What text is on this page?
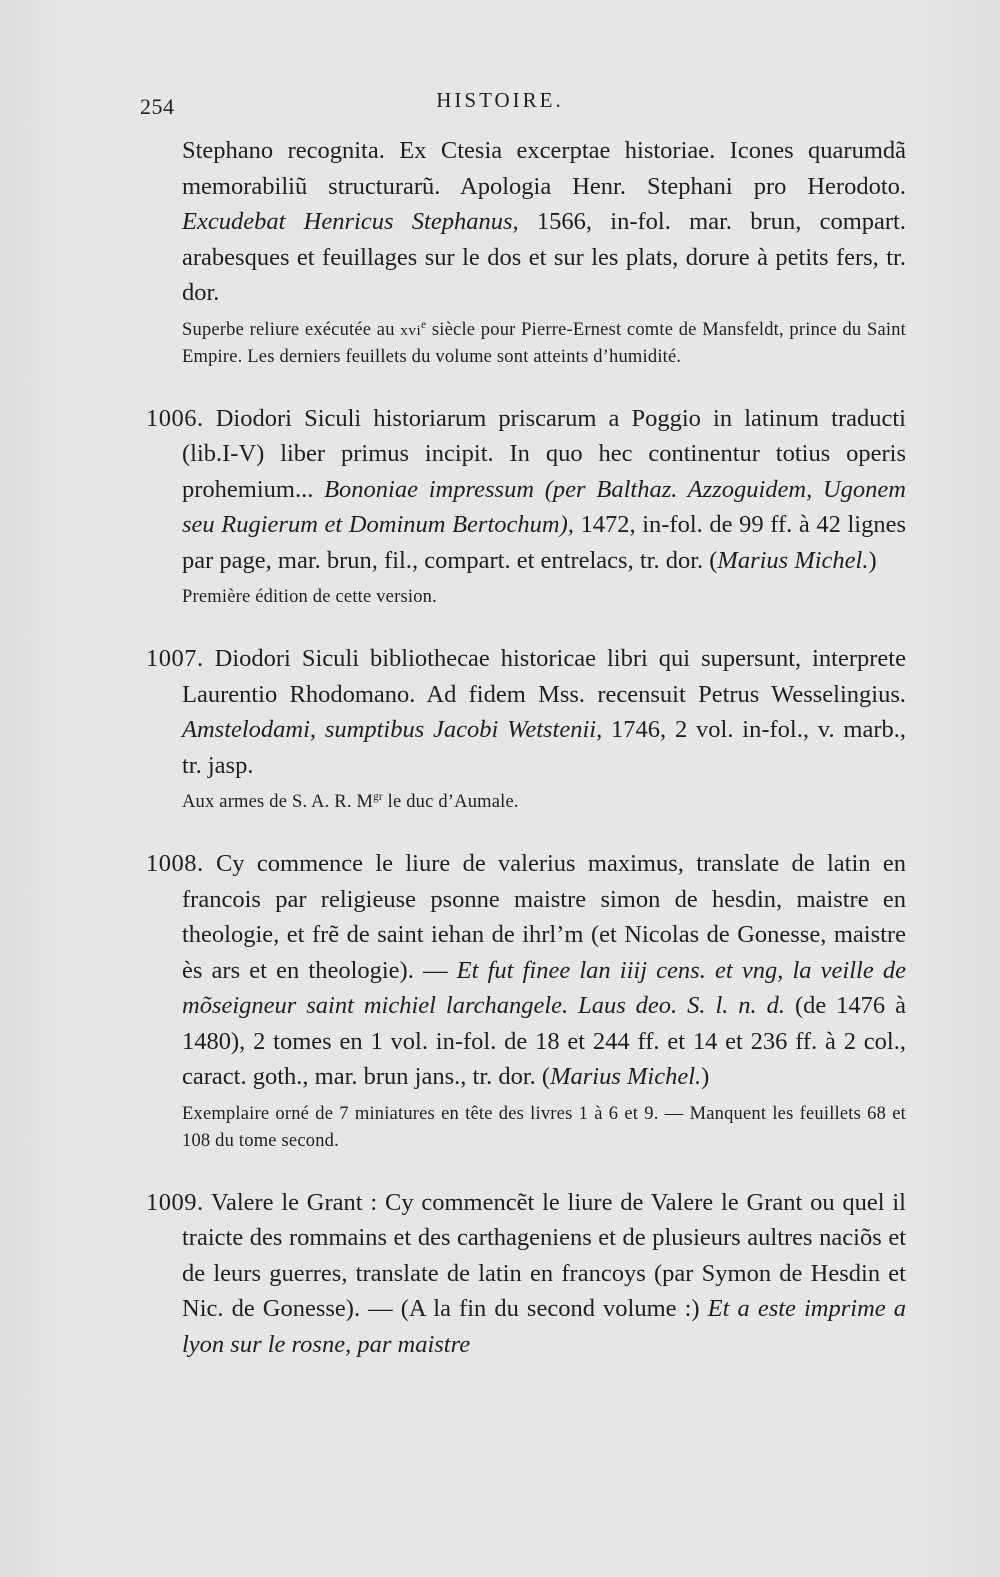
254	HISTOIRE.

Stephano recognita. Ex Ctesia excerptae historiae. Icones quarumdã memorabiliũ structurarũ. Apologia Henr. Stephani pro Herodoto. Excudebat Henricus Stephanus, 1566, in-fol. mar. brun, compart. arabesques et feuillages sur le dos et sur les plats, dorure à petits fers, tr. dor.

Superbe reliure exécutée au xvi$^e$ siècle pour Pierre-Ernest comte de Mansfeldt, prince du Saint Empire. Les derniers feuillets du volume sont atteints d’humidité.

1006. Diodori Siculi historiarum priscarum a Poggio in latinum traducti (lib.I-V) liber primus incipit. In quo hec continentur totius operis prohemium... Bononiae impressum (per Balthaz. Azzoguidem, Ugonem seu Rugierum et Dominum Bertochum), 1472, in-fol. de 99 ff. à 42 lignes par page, mar. brun, fil., compart. et entrelacs, tr. dor. (Marius Michel.)

Première édition de cette version.

1007. Diodori Siculi bibliothecae historicae libri qui supersunt, interprete Laurentio Rhodomano. Ad fidem Mss. recensuit Petrus Wesselingius. Amstelodami, sumptibus Jacobi Wetstenii, 1746, 2 vol. in-fol., v. marb., tr. jasp.

Aux armes de S. A. R. $M^{gr}$ le duc d’Aumale.

1008. Cy commence le liure de valerius maximus, translate de latin en francois par religieuse psonne maistre simon de hesdin, maistre en theologie, et frẽ de saint iehan de ihrl’m (et Nicolas de Gonesse, maistre ès ars et en theologie). — Et fut finee lan iiij cens. et vng, la veille de mõseigneur saint michiel larchangele. Laus deo. S. l. n. d. (de 1476 à 1480), 2 tomes en 1 vol. in-fol. de 18 et 244 ff. et 14 et 236 ff. à 2 col., caract. goth., mar. brun jans., tr. dor. (Marius Michel.)

Exemplaire orné de 7 miniatures en tête des livres 1 à 6 et 9. — Manquent les feuillets 68 et 108 du tome second.

1009. Valere le Grant : Cy commencẽt le liure de Valere le Grant ou quel il traicte des rommains et des carthageniens et de plusieurs aultres naciõs et de leurs guerres, translate de latin en francoys (par Symon de Hesdin et Nic. de Gonesse). — (A la fin du second volume :) Et a este imprime a lyon sur le rosne, par maistre
